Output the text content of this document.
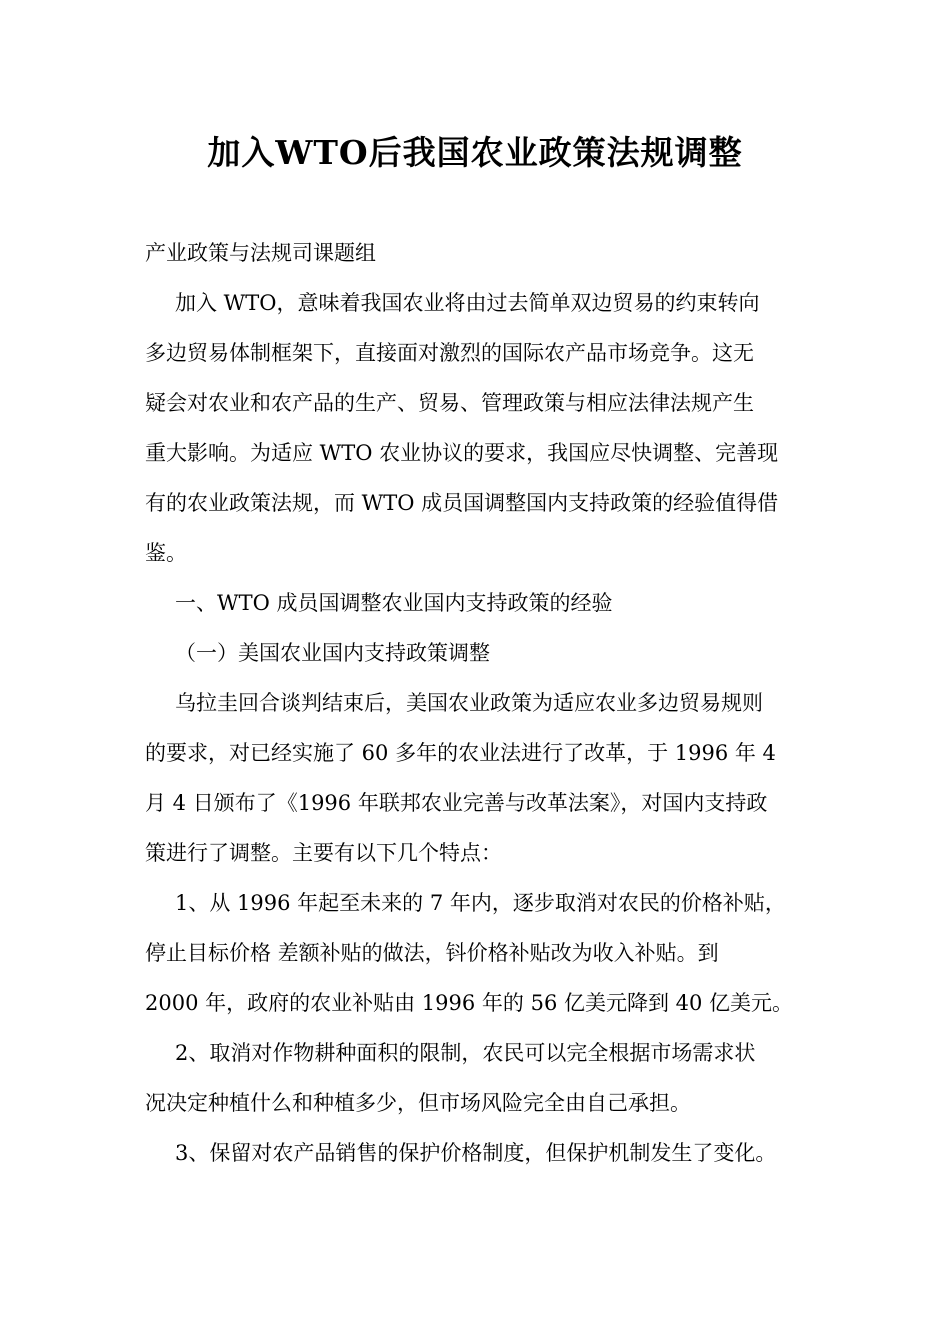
加入WTO后我国农业政策法规调整
产业政策与法规司课题组
加入 WTO，意味着我国农业将由过去简单双边贸易的约束转向
多边贸易体制框架下，直接面对激烈的国际农产品市场竞争。这无
疑会对农业和农产品的生产、贸易、管理政策与相应法律法规产生
重大影响。为适应 WTO 农业协议的要求，我国应尽快调整、完善现
有的农业政策法规，而 WTO 成员国调整国内支持政策的经验值得借
鉴。
一、WTO 成员国调整农业国内支持政策的经验
（一）美国农业国内支持政策调整
乌拉圭回合谈判结束后，美国农业政策为适应农业多边贸易规则
的要求，对已经实施了 60 多年的农业法进行了改革，于 1996 年 4
月 4 日颁布了《1996 年联邦农业完善与改革法案》，对国内支持政
策进行了调整。主要有以下几个特点：
1、从 1996 年起至未来的 7 年内，逐步取消对农民的价格补贴，
停止目标价格 差额补贴的做法，钭价格补贴改为收入补贴。到
2000 年，政府的农业补贴由 1996 年的 56 亿美元降到 40 亿美元。
2、取消对作物耕种面积的限制，农民可以完全根据市场需求状
况决定种植什么和种植多少，但市场风险完全由自己承担。
3、保留对农产品销售的保护价格制度，但保护机制发生了变化。
